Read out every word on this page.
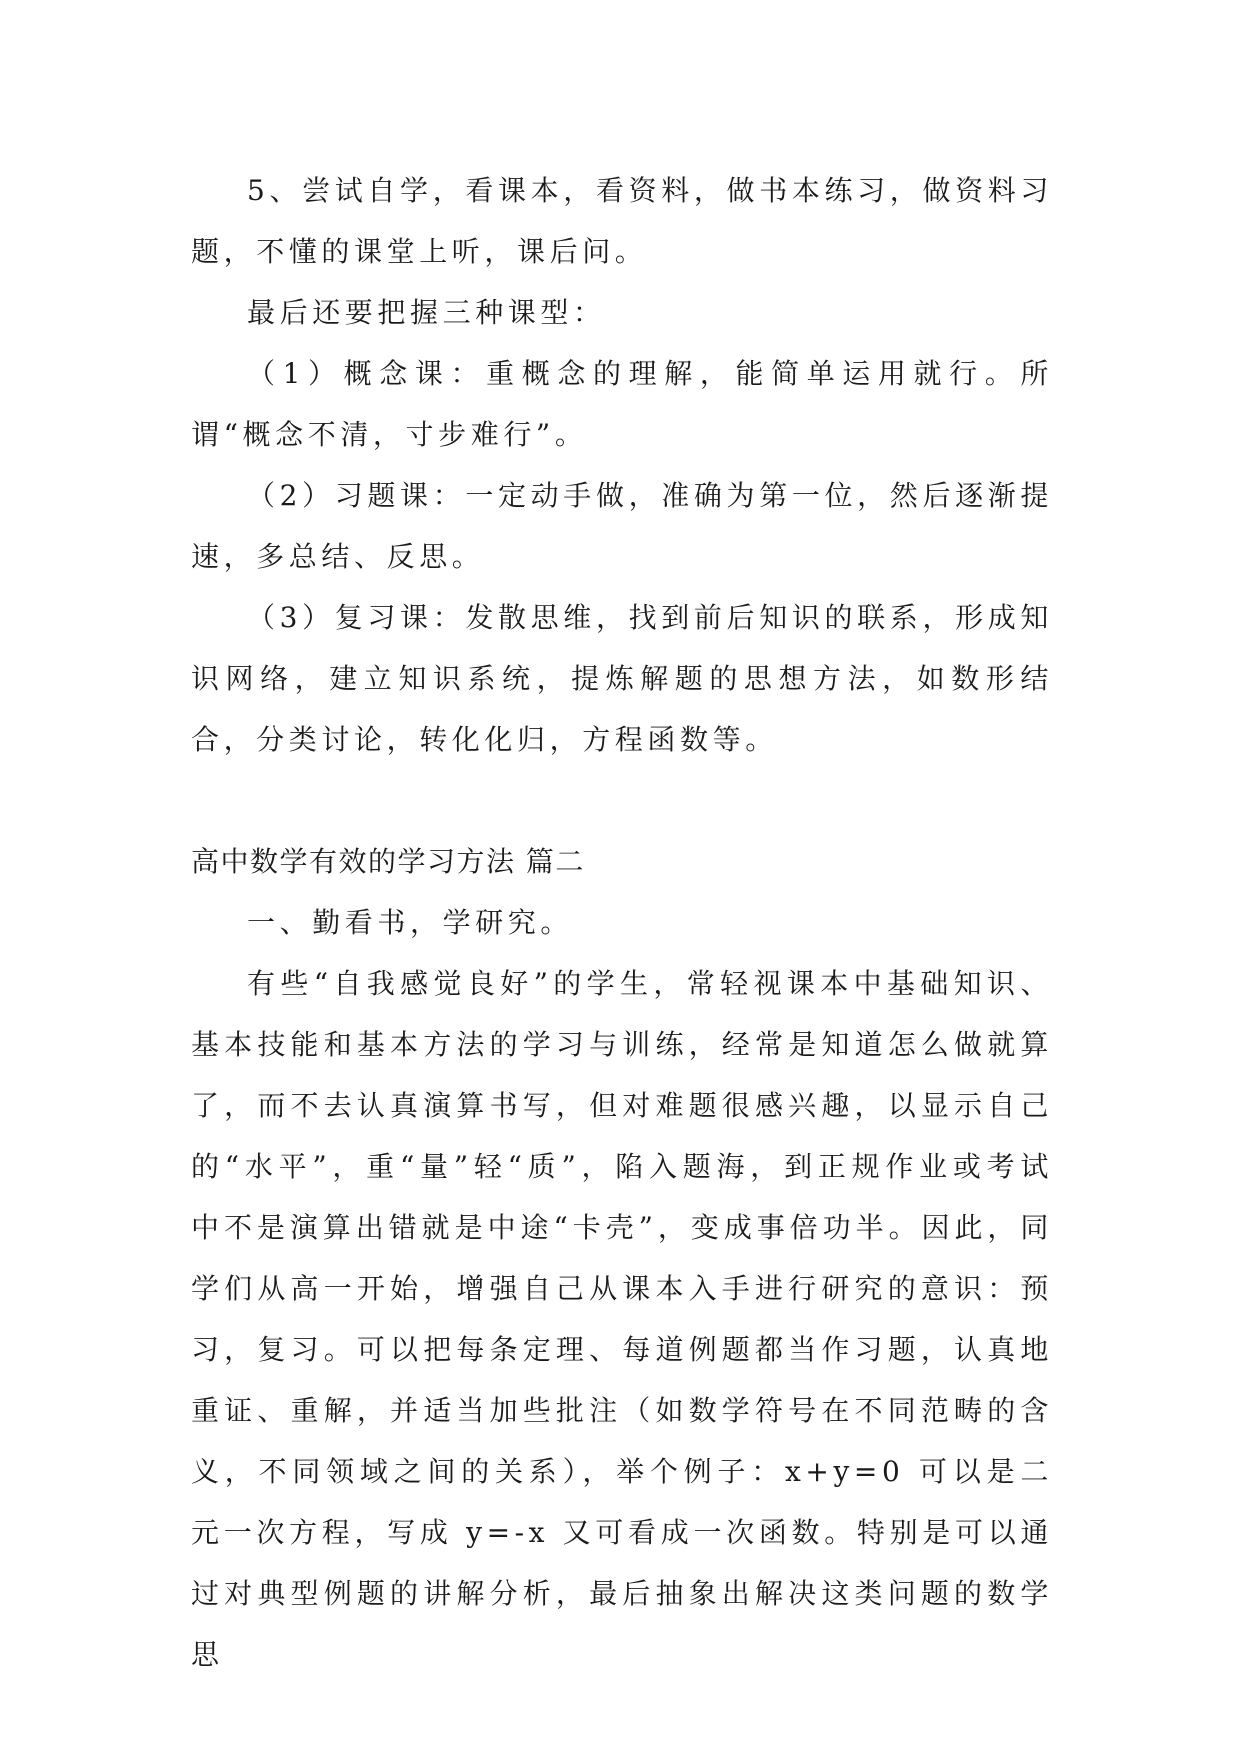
5、尝试自学，看课本，看资料，做书本练习，做资料习题，不懂的课堂上听，课后问。

最后还要把握三种课型：

（1）概念课：重概念的理解，能简单运用就行。所谓“概念不清，寸步难行”。

（2）习题课：一定动手做，准确为第一位，然后逐渐提速，多总结、反思。

（3）复习课：发散思维，找到前后知识的联系，形成知识网络，建立知识系统，提炼解题的思想方法，如数形结合，分类讨论，转化化归，方程函数等。

高中数学有效的学习方法 篇二

一、勤看书，学研究。

有些“自我感觉良好”的学生，常轻视课本中基础知识、基本技能和基本方法的学习与训练，经常是知道怎么做就算了，而不去认真演算书写，但对难题很感兴趣，以显示自己的“水平”，重“量”轻“质”，陷入题海，到正规作业或考试中不是演算出错就是中途“卡壳”，变成事倍功半。因此，同学们从高一开始，增强自己从课本入手进行研究的意识：预习，复习。可以把每条定理、每道例题都当作习题，认真地重证、重解，并适当加些批注（如数学符号在不同范畴的含义，不同领域之间的关系），举个例子：x+y=0 可以是二元一次方程，写成 y=-x 又可看成一次函数。特别是可以通过对典型例题的讲解分析，最后抽象出解决这类问题的数学思
